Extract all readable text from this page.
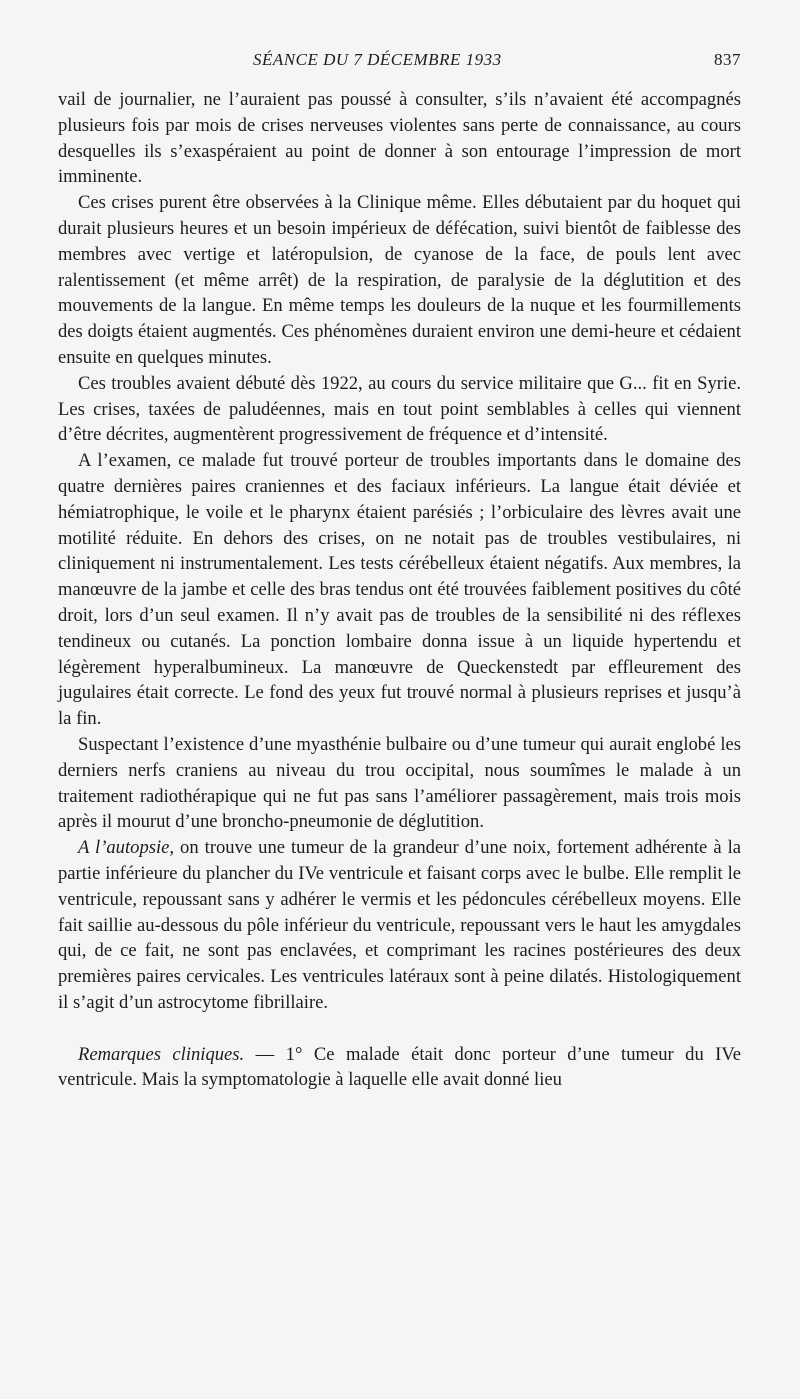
SÉANCE DU 7 DÉCEMBRE 1933	837

vail de journalier, ne l’auraient pas poussé à consulter, s’ils n’avaient été accompagnés plusieurs fois par mois de crises nerveuses violentes sans perte de connaissance, au cours desquelles ils s’exaspéraient au point de donner à son entourage l’impression de mort imminente.

Ces crises purent être observées à la Clinique même. Elles débutaient par du hoquet qui durait plusieurs heures et un besoin impérieux de défécation, suivi bientôt de faiblesse des membres avec vertige et latéropulsion, de cyanose de la face, de pouls lent avec ralentissement (et même arrêt) de la respiration, de paralysie de la déglutition et des mouvements de la langue. En même temps les douleurs de la nuque et les fourmillements des doigts étaient augmentés. Ces phénomènes duraient environ une demi-heure et cédaient ensuite en quelques minutes.

Ces troubles avaient débuté dès 1922, au cours du service militaire que G... fit en Syrie. Les crises, taxées de paludéennes, mais en tout point semblables à celles qui viennent d’être décrites, augmentèrent progressivement de fréquence et d’intensité.

A l’examen, ce malade fut trouvé porteur de troubles importants dans le domaine des quatre dernières paires craniennes et des faciaux inférieurs. La langue était déviée et hémiatrophique, le voile et le pharynx étaient parésiés ; l’orbiculaire des lèvres avait une motilité réduite. En dehors des crises, on ne notait pas de troubles vestibulaires, ni cliniquement ni instrumentalement. Les tests cérébelleux étaient négatifs. Aux membres, la manœuvre de la jambe et celle des bras tendus ont été trouvées faiblement positives du côté droit, lors d’un seul examen. Il n’y avait pas de troubles de la sensibilité ni des réflexes tendineux ou cutanés. La ponction lombaire donna issue à un liquide hypertendu et légèrement hyperalbumineux. La manœuvre de Queckenstedt par effleurement des jugulaires était correcte. Le fond des yeux fut trouvé normal à plusieurs reprises et jusqu’à la fin.

Suspectant l’existence d’une myasthénie bulbaire ou d’une tumeur qui aurait englobé les derniers nerfs craniens au niveau du trou occipital, nous soumîmes le malade à un traitement radiothérapique qui ne fut pas sans l’améliorer passagèrement, mais trois mois après il mourut d’une broncho-pneumonie de déglutition.

A l’autopsie, on trouve une tumeur de la grandeur d’une noix, fortement adhérente à la partie inférieure du plancher du IVe ventricule et faisant corps avec le bulbe. Elle remplit le ventricule, repoussant sans y adhérer le vermis et les pédoncules cérébelleux moyens. Elle fait saillie au-dessous du pôle inférieur du ventricule, repoussant vers le haut les amygdales qui, de ce fait, ne sont pas enclavées, et comprimant les racines postérieures des deux premières paires cervicales. Les ventricules latéraux sont à peine dilatés. Histologiquement il s’agit d’un astrocytome fibrillaire.

Remarques cliniques. — 1° Ce malade était donc porteur d’une tumeur du IVe ventricule. Mais la symptomatologie à laquelle elle avait donné lieu
